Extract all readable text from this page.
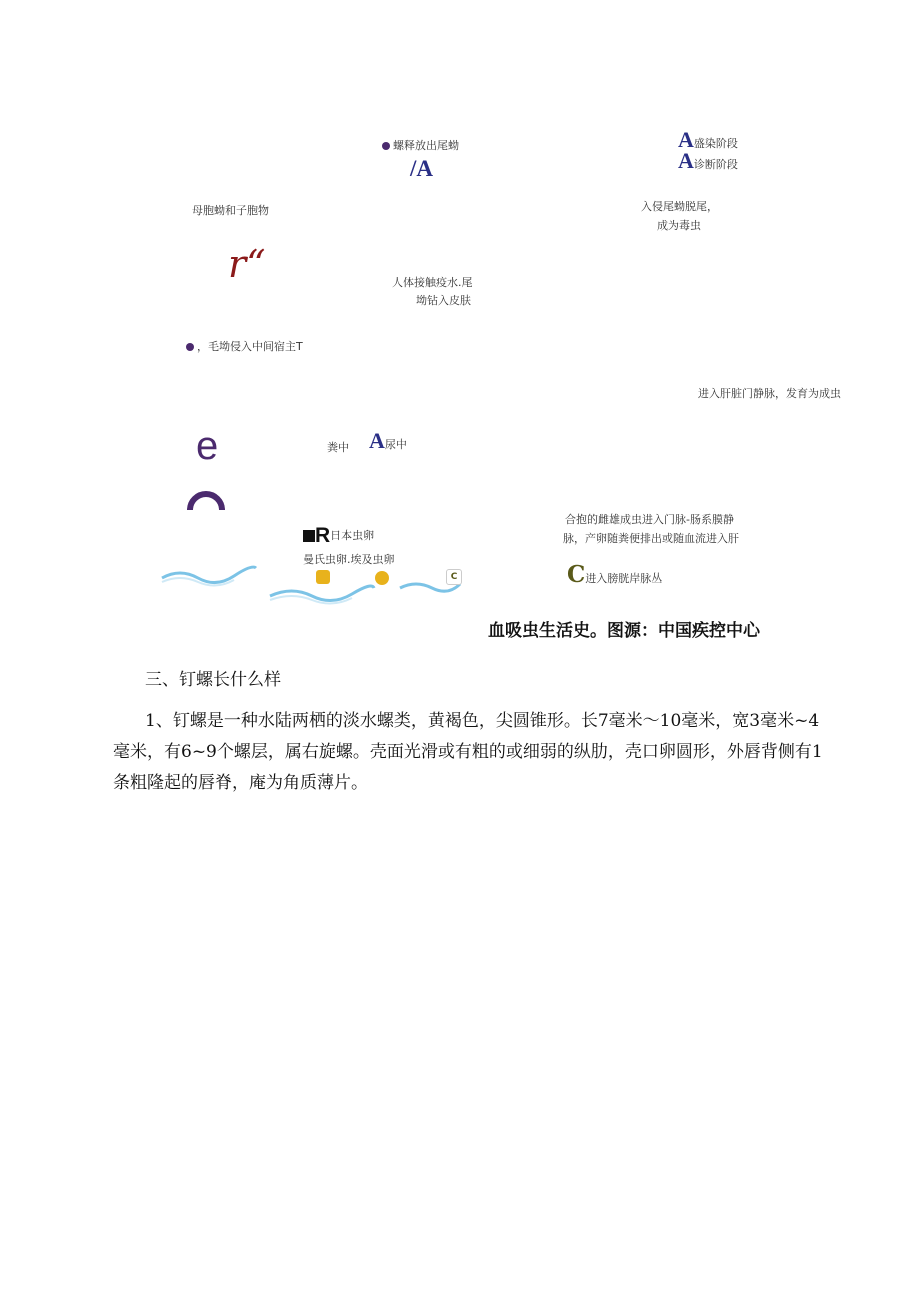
螺释放出尾蚴
/A
A盛染阶段
A诊断阶段
母胞蚴和子胞物	入侵尾蚴脱尾，
成为毒虫
r“	人体接触疫水.尾
坳钻入皮肤
，毛坳侵入中间宿主T
进入肝脏门静脉，发育为成虫
e	粪中 A尿中
R日本虫卵
曼氏虫卵.埃及虫卵
合抱的雌雄成虫进入门脉-肠系膜静
脉，产卵随粪便排出或随血流进入肝
C进入膀胱岸脉丛
C
血吸虫生活史。图源：中国疾控中心
三、钉螺长什么样
1、钉螺是一种水陆两栖的淡水螺类，黄褐色，尖圆锥形。长7毫米～10毫米，宽3毫米~4毫米，有6~9个螺层，属右旋螺。壳面光滑或有粗的或细弱的纵肋，壳口卵圆形，外唇背侧有1条粗隆起的唇脊，庵为角质薄片。
